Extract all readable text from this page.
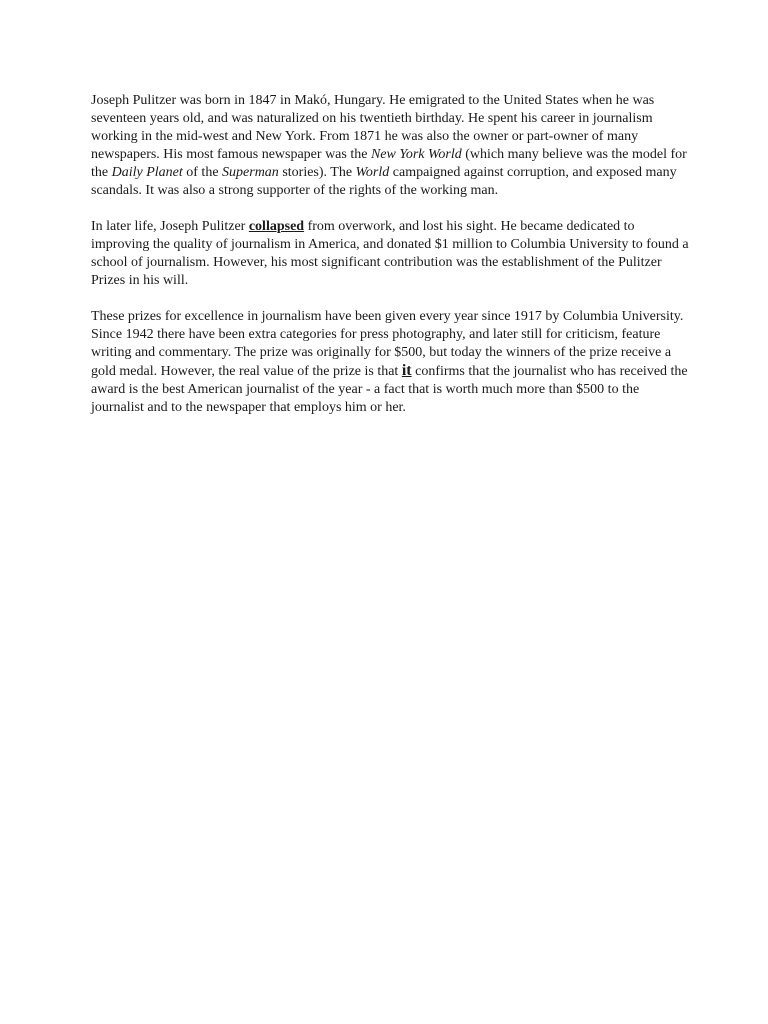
Joseph Pulitzer was born in 1847 in Makó, Hungary. He emigrated to the United States when he was seventeen years old, and was naturalized on his twentieth birthday. He spent his career in journalism working in the mid-west and New York. From 1871 he was also the owner or part-owner of many newspapers. His most famous newspaper was the New York World (which many believe was the model for the Daily Planet of the Superman stories). The World campaigned against corruption, and exposed many scandals. It was also a strong supporter of the rights of the working man.

In later life, Joseph Pulitzer collapsed from overwork, and lost his sight. He became dedicated to improving the quality of journalism in America, and donated $1 million to Columbia University to found a school of journalism. However, his most significant contribution was the establishment of the Pulitzer Prizes in his will.

These prizes for excellence in journalism have been given every year since 1917 by Columbia University. Since 1942 there have been extra categories for press photography, and later still for criticism, feature writing and commentary. The prize was originally for $500, but today the winners of the prize receive a gold medal. However, the real value of the prize is that it confirms that the journalist who has received the award is the best American journalist of the year - a fact that is worth much more than $500 to the journalist and to the newspaper that employs him or her.
